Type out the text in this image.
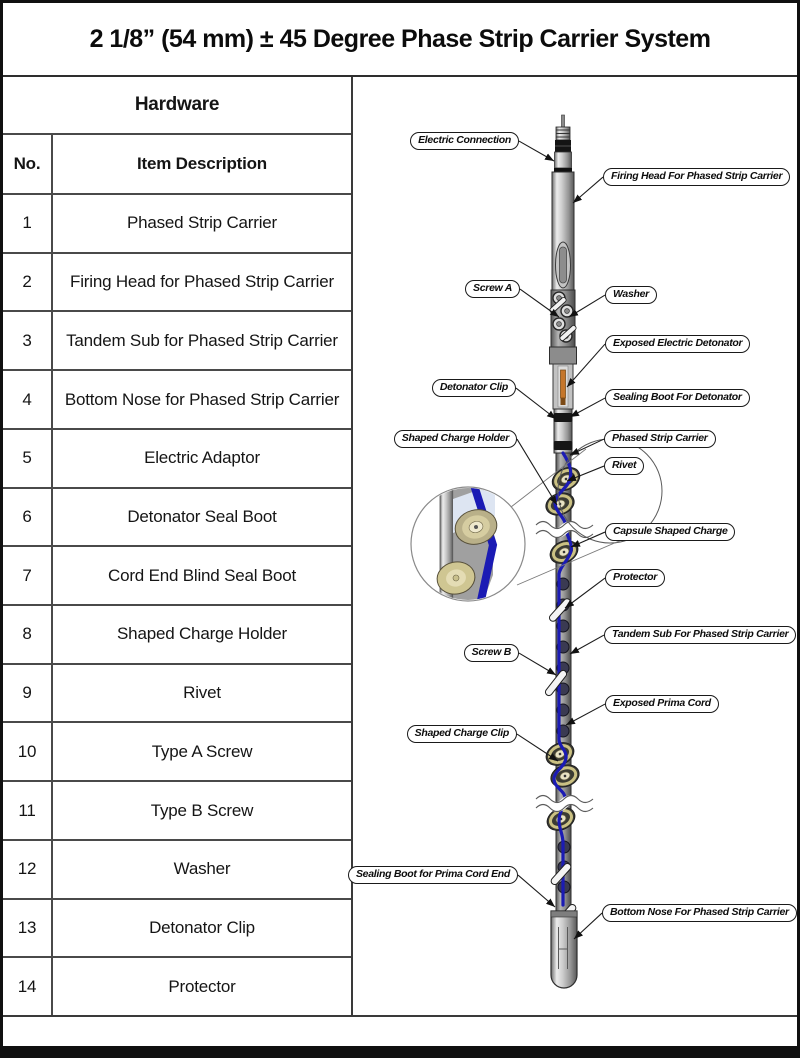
2 1/8” (54 mm) ± 45 Degree Phase Strip Carrier System
Hardware
No.	Item Description
1	Phased Strip Carrier
2	Firing Head for Phased Strip Carrier
3	Tandem Sub for Phased Strip Carrier
4	Bottom Nose for Phased Strip Carrier
5	Electric Adaptor
6	Detonator Seal Boot
7	Cord End Blind Seal Boot
8	Shaped Charge Holder
9	Rivet
10	Type A Screw
11	Type B Screw
12	Washer
13	Detonator Clip
14	Protector
Electric Connection
Screw A
Detonator Clip
Shaped Charge Holder
Screw B
Shaped Charge Clip
Sealing Boot for Prima Cord End
Firing Head For Phased Strip Carrier
Washer
Exposed Electric Detonator
Sealing Boot For Detonator
Phased Strip Carrier
Rivet
Capsule Shaped Charge
Protector
Tandem Sub For Phased Strip Carrier
Exposed Prima Cord
Bottom Nose For Phased Strip Carrier
